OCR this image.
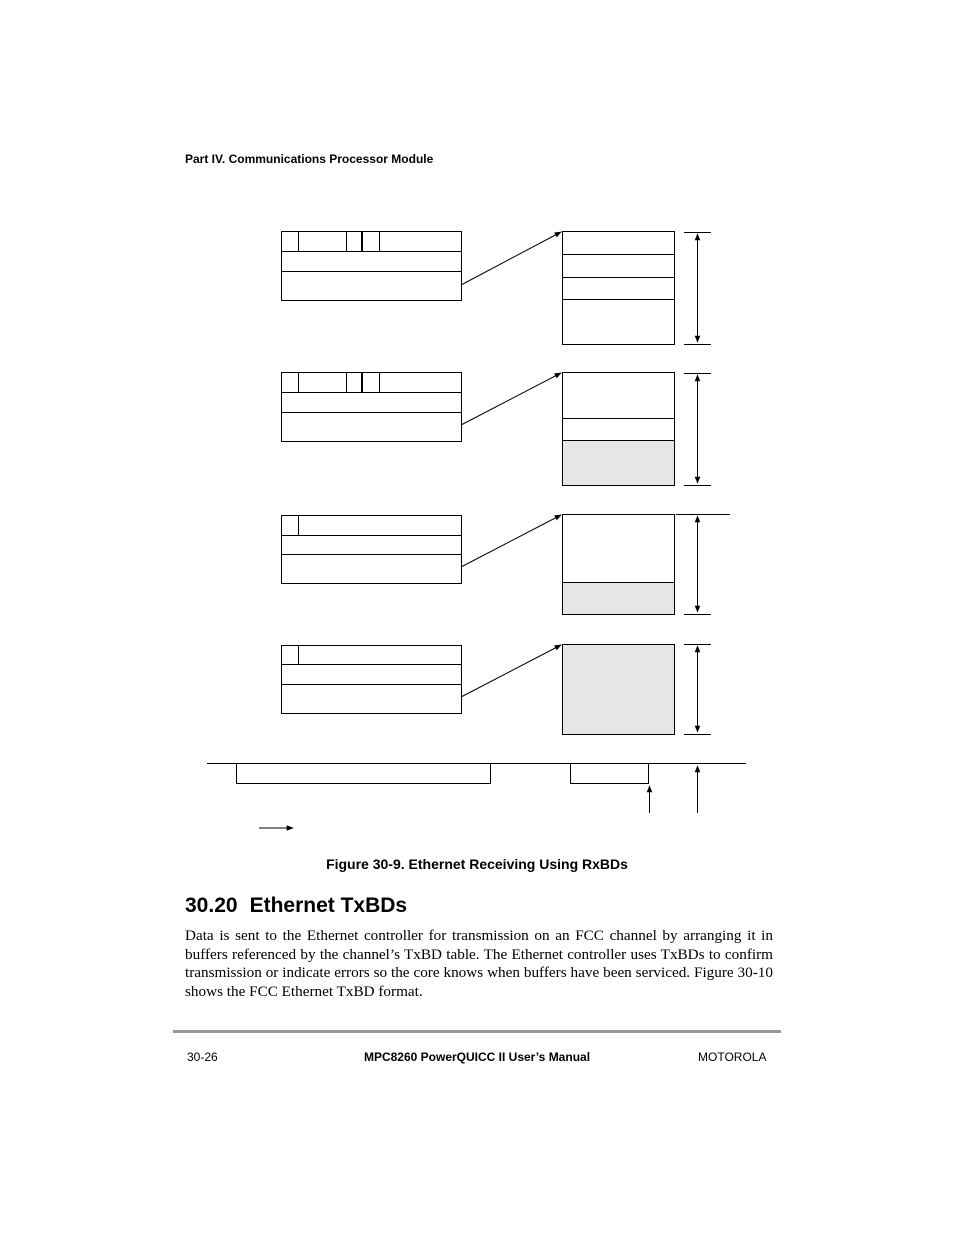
Part IV. Communications Processor Module
Figure 30-9. Ethernet Receiving Using RxBDs
30.20 Ethernet TxBDs

Data is sent to the Ethernet controller for transmission on an FCC channel by arranging it in buffers referenced by the channel’s TxBD table. The Ethernet controller uses TxBDs to confirm transmission or indicate errors so the core knows when buffers have been serviced. Figure 30-10 shows the FCC Ethernet TxBD format.

30-26	MPC8260 PowerQUICC II User’s Manual	MOTOROLA
